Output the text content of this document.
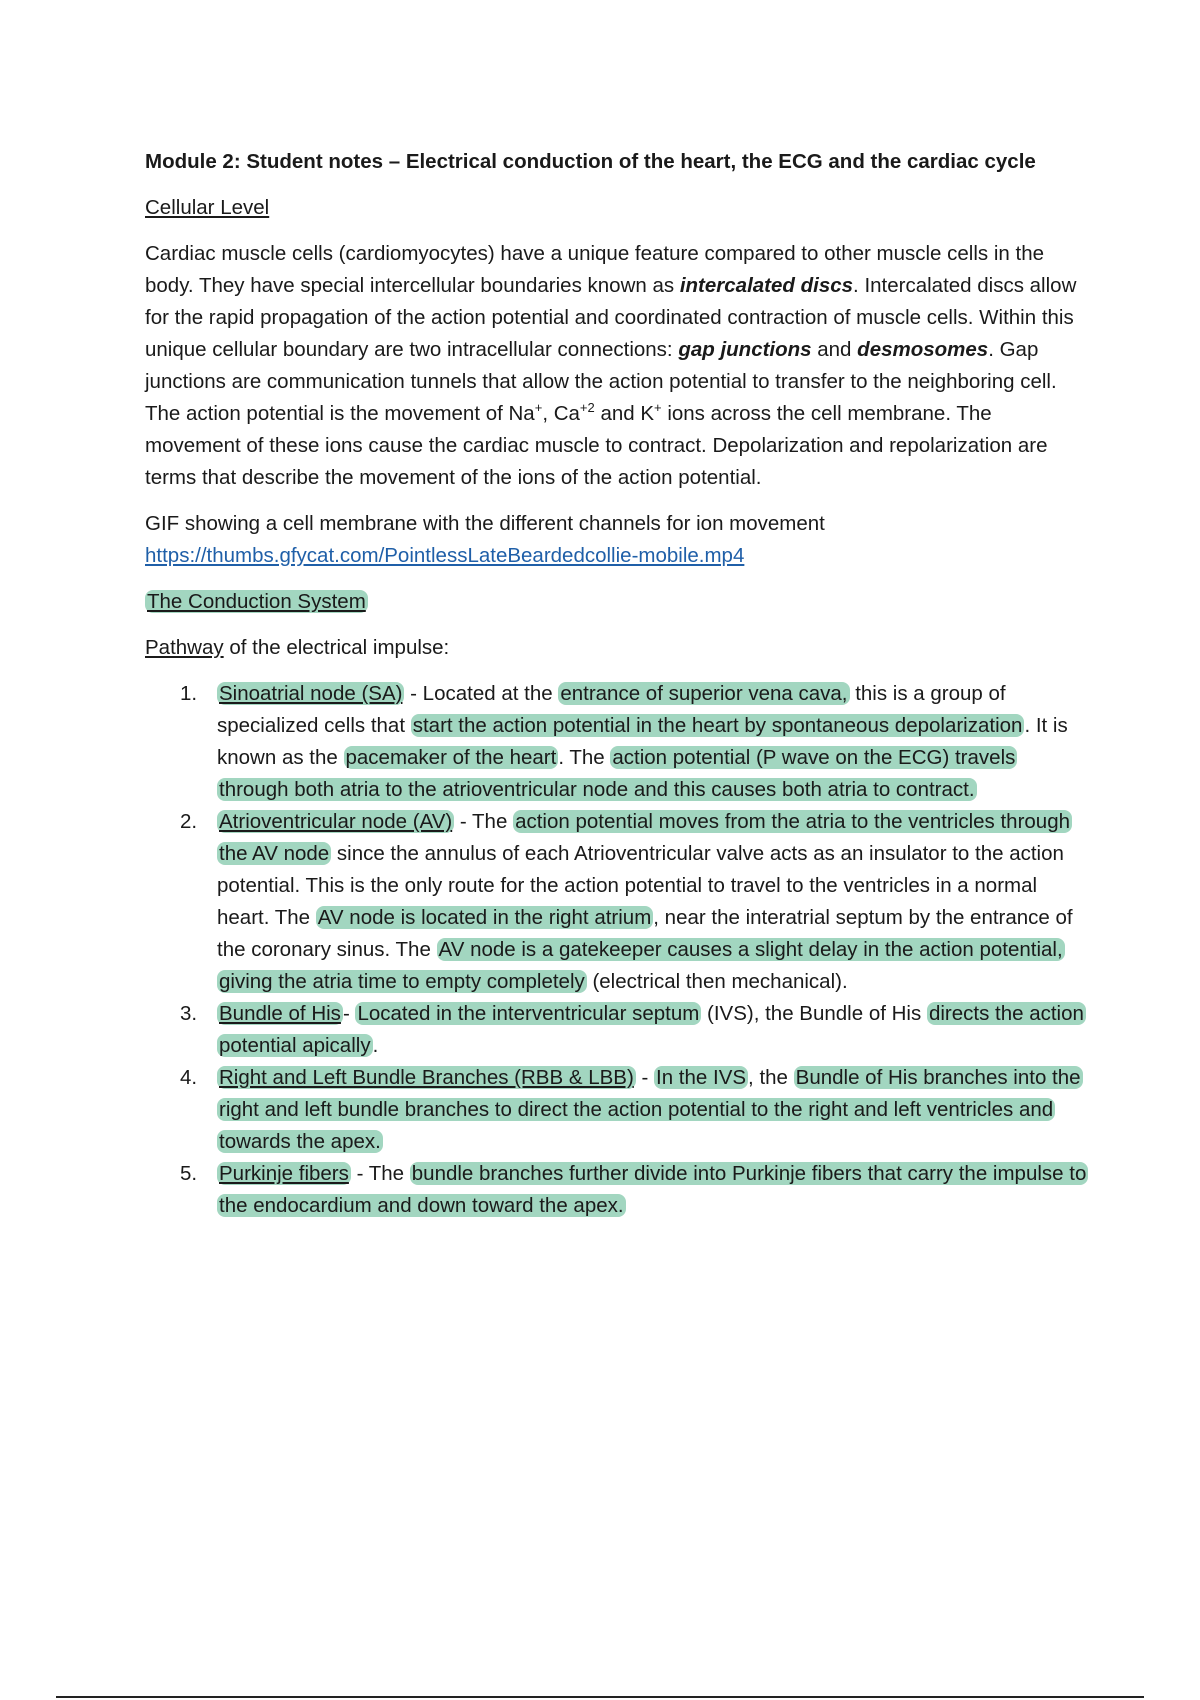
Module 2: Student notes – Electrical conduction of the heart, the ECG and the cardiac cycle
Cellular Level
Cardiac muscle cells (cardiomyocytes) have a unique feature compared to other muscle cells in the body. They have special intercellular boundaries known as intercalated discs. Intercalated discs allow for the rapid propagation of the action potential and coordinated contraction of muscle cells. Within this unique cellular boundary are two intracellular connections: gap junctions and desmosomes. Gap junctions are communication tunnels that allow the action potential to transfer to the neighboring cell. The action potential is the movement of Na+, $Ca^{+2}$ and K+ ions across the cell membrane. The movement of these ions cause the cardiac muscle to contract. Depolarization and repolarization are terms that describe the movement of the ions of the action potential.
GIF showing a cell membrane with the different channels for ion movement
https://thumbs.gfycat.com/PointlessLateBeardedcollie-mobile.mp4
The Conduction System
Pathway of the electrical impulse:
1. Sinoatrial node (SA) - Located at the entrance of superior vena cava, this is a group of specialized cells that start the action potential in the heart by spontaneous depolarization. It is known as the pacemaker of the heart. The action potential (P wave on the ECG) travels through both atria to the atrioventricular node and this causes both atria to contract.
2. Atrioventricular node (AV) - The action potential moves from the atria to the ventricles through the AV node since the annulus of each Atrioventricular valve acts as an insulator to the action potential. This is the only route for the action potential to travel to the ventricles in a normal heart. The AV node is located in the right atrium, near the interatrial septum by the entrance of the coronary sinus. The AV node is a gatekeeper causes a slight delay in the action potential, giving the atria time to empty completely (electrical then mechanical).
3. Bundle of His- Located in the interventricular septum (IVS), the Bundle of His directs the action potential apically.
4. Right and Left Bundle Branches (RBB & LBB) - In the IVS, the Bundle of His branches into the right and left bundle branches to direct the action potential to the right and left ventricles and towards the apex.
5. Purkinje fibers - The bundle branches further divide into Purkinje fibers that carry the impulse to the endocardium and down toward the apex.
